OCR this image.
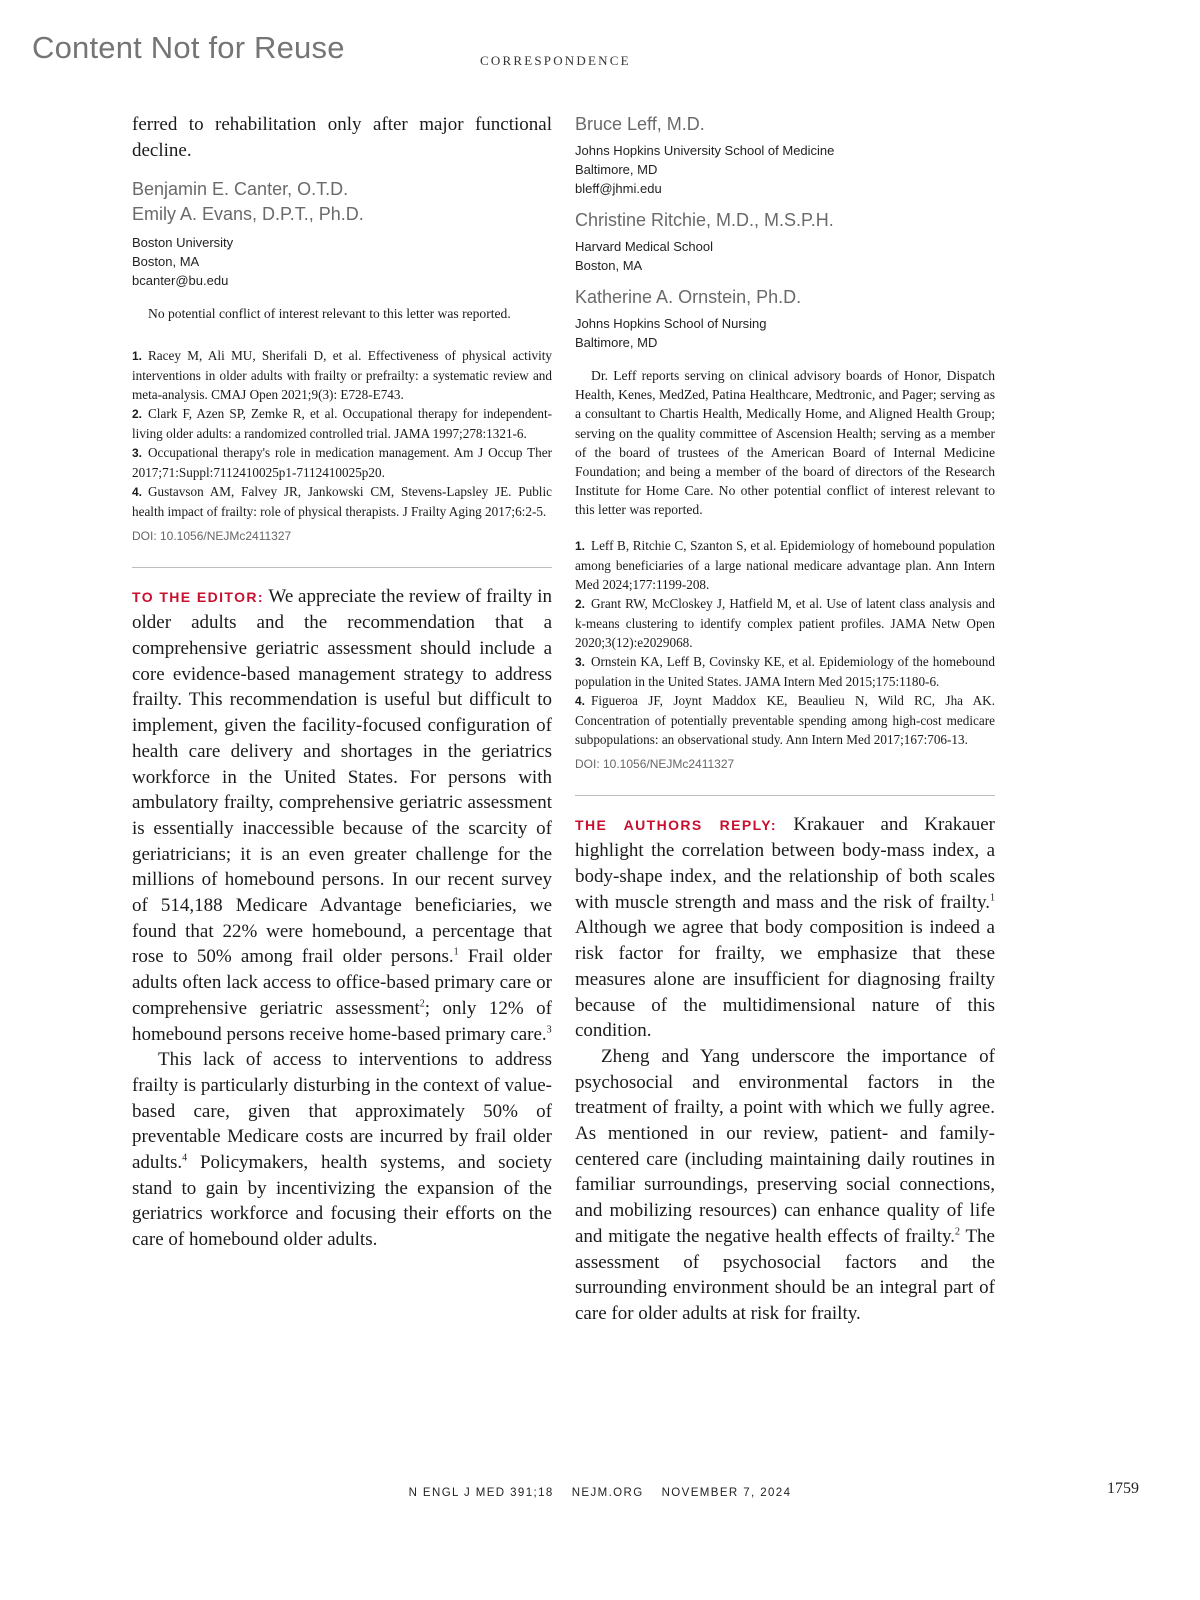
Content Not for Reuse	CORRESPONDENCE

ferred to rehabilitation only after major functional decline.

Benjamin E. Canter, O.T.D.

Emily A. Evans, D.P.T., Ph.D.

Boston University

Boston, MA

bcanter@bu.edu

No potential conflict of interest relevant to this letter was reported.

1. Racey M, Ali MU, Sherifali D, et al. Effectiveness of physical activity interventions in older adults with frailty or prefrailty: a systematic review and meta-analysis. CMAJ Open 2021;9(3): E728-E743.
2. Clark F, Azen SP, Zemke R, et al. Occupational therapy for independent-living older adults: a randomized controlled trial. JAMA 1997;278:1321-6.
3. Occupational therapy's role in medication management. Am J Occup Ther 2017;71:Suppl:7112410025p1-7112410025p20.
4. Gustavson AM, Falvey JR, Jankowski CM, Stevens-Lapsley JE. Public health impact of frailty: role of physical therapists. J Frailty Aging 2017;6:2-5.

DOI: 10.1056/NEJMc2411327

TO THE EDITOR: We appreciate the review of frailty in older adults and the recommendation that a comprehensive geriatric assessment should include a core evidence-based management strategy to address frailty. This recommendation is useful but difficult to implement, given the facility-focused configuration of health care delivery and shortages in the geriatrics workforce in the United States. For persons with ambulatory frailty, comprehensive geriatric assessment is essentially inaccessible because of the scarcity of geriatricians; it is an even greater challenge for the millions of homebound persons. In our recent survey of 514,188 Medicare Advantage beneficiaries, we found that 22% were homebound, a percentage that rose to 50% among frail older persons.$^1$ Frail older adults often lack access to office-based primary care or comprehensive geriatric assessment$^2$; only 12% of homebound persons receive home-based primary care.$^3$

This lack of access to interventions to address frailty is particularly disturbing in the context of value-based care, given that approximately 50% of preventable Medicare costs are incurred by frail older adults.$^4$ Policymakers, health systems, and society stand to gain by incentivizing the expansion of the geriatrics workforce and focusing their efforts on the care of homebound older adults.

Bruce Leff, M.D.

Johns Hopkins University School of Medicine

Baltimore, MD

bleff@jhmi.edu

Christine Ritchie, M.D., M.S.P.H.

Harvard Medical School

Boston, MA

Katherine A. Ornstein, Ph.D.

Johns Hopkins School of Nursing

Baltimore, MD

Dr. Leff reports serving on clinical advisory boards of Honor, Dispatch Health, Kenes, MedZed, Patina Healthcare, Medtronic, and Pager; serving as a consultant to Chartis Health, Medically Home, and Aligned Health Group; serving on the quality committee of Ascension Health; serving as a member of the board of trustees of the American Board of Internal Medicine Foundation; and being a member of the board of directors of the Research Institute for Home Care. No other potential conflict of interest relevant to this letter was reported.

1. Leff B, Ritchie C, Szanton S, et al. Epidemiology of homebound population among beneficiaries of a large national medicare advantage plan. Ann Intern Med 2024;177:1199-208.
2. Grant RW, McCloskey J, Hatfield M, et al. Use of latent class analysis and k-means clustering to identify complex patient profiles. JAMA Netw Open 2020;3(12):e2029068.
3. Ornstein KA, Leff B, Covinsky KE, et al. Epidemiology of the homebound population in the United States. JAMA Intern Med 2015;175:1180-6.
4. Figueroa JF, Joynt Maddox KE, Beaulieu N, Wild RC, Jha AK. Concentration of potentially preventable spending among high-cost medicare subpopulations: an observational study. Ann Intern Med 2017;167:706-13.

DOI: 10.1056/NEJMc2411327

THE AUTHORS REPLY: Krakauer and Krakauer highlight the correlation between body-mass index, a body-shape index, and the relationship of both scales with muscle strength and mass and the risk of frailty.$^1$ Although we agree that body composition is indeed a risk factor for frailty, we emphasize that these measures alone are insufficient for diagnosing frailty because of the multidimensional nature of this condition.

Zheng and Yang underscore the importance of psychosocial and environmental factors in the treatment of frailty, a point with which we fully agree. As mentioned in our review, patient- and family-centered care (including maintaining daily routines in familiar surroundings, preserving social connections, and mobilizing resources) can enhance quality of life and mitigate the negative health effects of frailty.$^2$ The assessment of psychosocial factors and the surrounding environment should be an integral part of care for older adults at risk for frailty.

N ENGL J MED 391;18 NEJM.ORG NOVEMBER 7, 2024	1759
